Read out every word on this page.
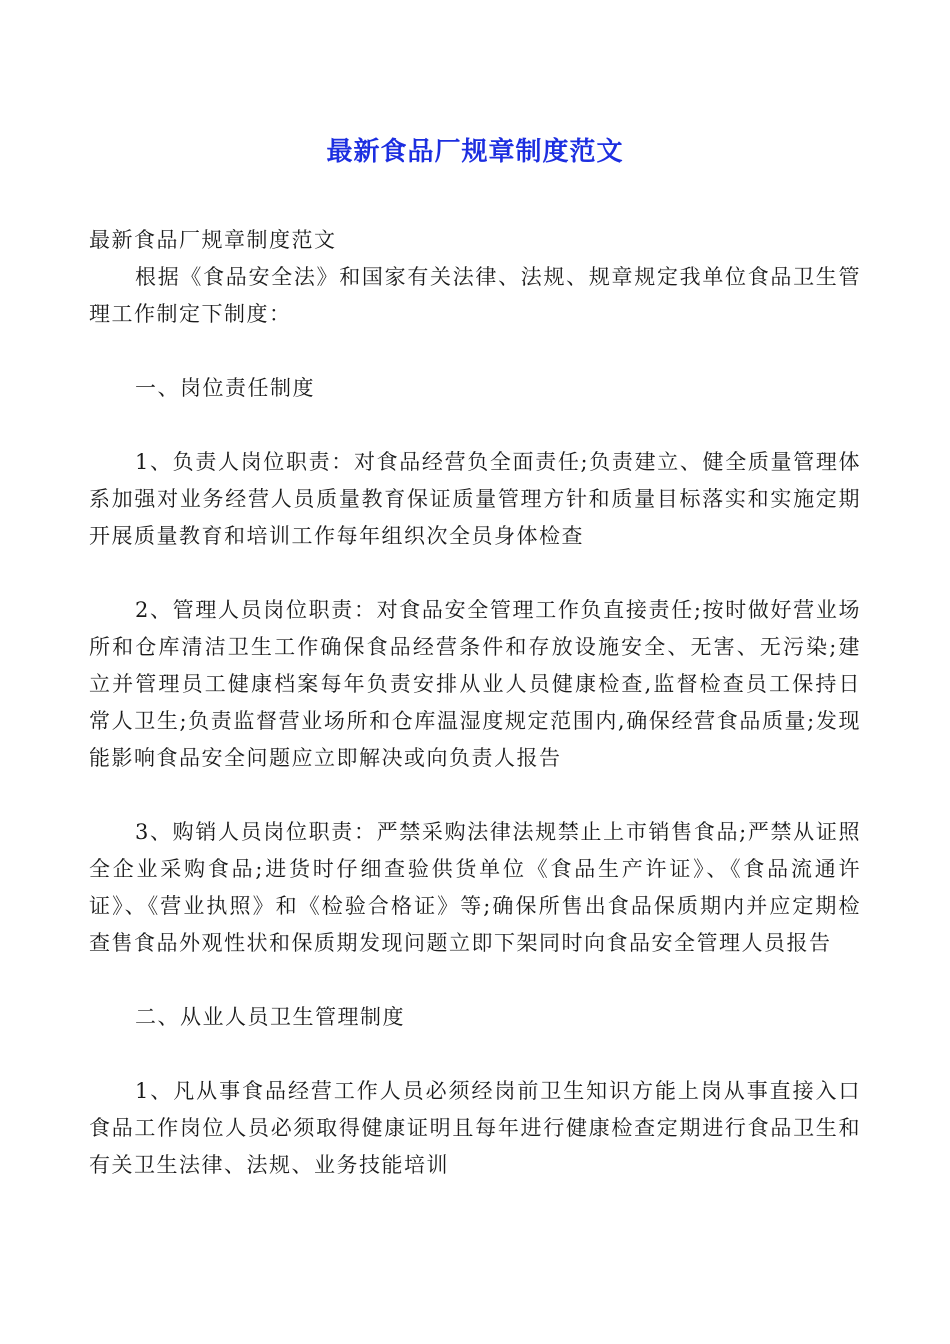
最新食品厂规章制度范文

最新食品厂规章制度范文

根据《食品安全法》和国家有关法律、法规、规章规定我单位食品卫生管理工作制定下制度：

一、岗位责任制度

1、负责人岗位职责：对食品经营负全面责任;负责建立、健全质量管理体系加强对业务经营人员质量教育保证质量管理方针和质量目标落实和实施定期开展质量教育和培训工作每年组织次全员身体检查

2、管理人员岗位职责：对食品安全管理工作负直接责任;按时做好营业场所和仓库清洁卫生工作确保食品经营条件和存放设施安全、无害、无污染;建立并管理员工健康档案每年负责安排从业人员健康检查,监督检查员工保持日常人卫生;负责监督营业场所和仓库温湿度规定范围内,确保经营食品质量;发现能影响食品安全问题应立即解决或向负责人报告

3、购销人员岗位职责：严禁采购法律法规禁止上市销售食品;严禁从证照全企业采购食品;进货时仔细查验供货单位《食品生产许证》、《食品流通许证》、《营业执照》和《检验合格证》等;确保所售出食品保质期内并应定期检查售食品外观性状和保质期发现问题立即下架同时向食品安全管理人员报告

二、从业人员卫生管理制度

1、凡从事食品经营工作人员必须经岗前卫生知识方能上岗从事直接入口食品工作岗位人员必须取得健康证明且每年进行健康检查定期进行食品卫生和有关卫生法律、法规、业务技能培训
